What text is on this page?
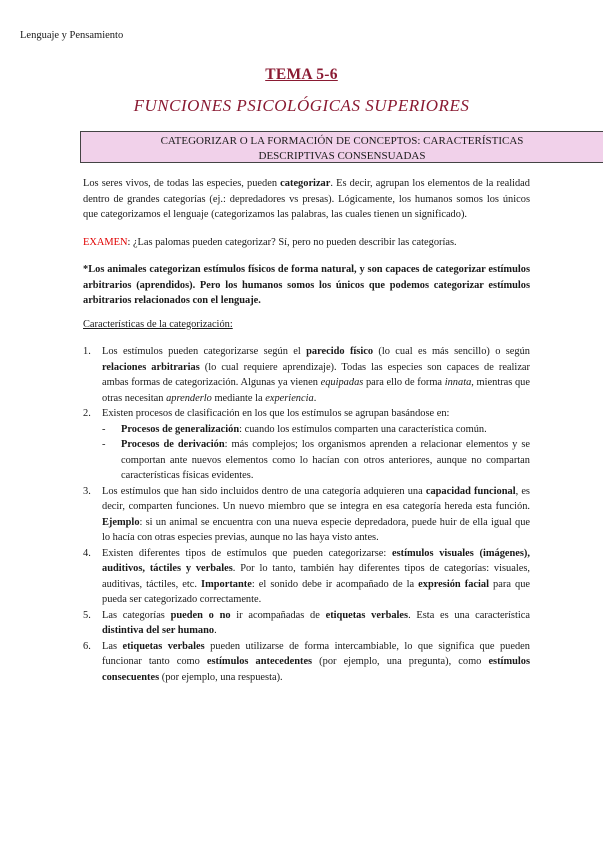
Lenguaje y Pensamiento
TEMA 5-6
FUNCIONES PSICOLÓGICAS SUPERIORES
CATEGORIZAR O LA FORMACIÓN DE CONCEPTOS: CARACTERÍSTICAS
DESCRIPTIVAS CONSENSUADAS

Los seres vivos, de todas las especies, pueden categorizar. Es decir, agrupan los elementos de la realidad dentro de grandes categorías (ej.: depredadores vs presas). Lógicamente, los humanos somos los únicos que categorizamos el lenguaje (categorizamos las palabras, las cuales tienen un significado).

EXAMEN: ¿Las palomas pueden categorizar? Sí, pero no pueden describir las categorías.

*Los animales categorizan estímulos físicos de forma natural, y son capaces de categorizar estímulos arbitrarios (aprendidos). Pero los humanos somos los únicos que podemos categorizar estímulos arbitrarios relacionados con el lenguaje.

Características de la categorización:

1. Los estímulos pueden categorizarse según el parecido físico (lo cual es más sencillo) o según relaciones arbitrarias (lo cual requiere aprendizaje). Todas las especies son capaces de realizar ambas formas de categorización. Algunas ya vienen equipadas para ello de forma innata, mientras que otras necesitan aprenderlo mediante la experiencia.
2. Existen procesos de clasificación en los que los estímulos se agrupan basándose en:
- Procesos de generalización: cuando los estímulos comparten una característica común.
- Procesos de derivación: más complejos; los organismos aprenden a relacionar elementos y se comportan ante nuevos elementos como lo hacían con otros anteriores, aunque no compartan características físicas evidentes.
3. Los estímulos que han sido incluidos dentro de una categoría adquieren una capacidad funcional, es decir, comparten funciones. Un nuevo miembro que se integra en esa categoría hereda esta función. Ejemplo: si un animal se encuentra con una nueva especie depredadora, puede huir de ella igual que lo hacía con otras especies previas, aunque no las haya visto antes.
4. Existen diferentes tipos de estímulos que pueden categorizarse: estímulos visuales (imágenes), auditivos, táctiles y verbales. Por lo tanto, también hay diferentes tipos de categorías: visuales, auditivas, táctiles, etc. Importante: el sonido debe ir acompañado de la expresión facial para que pueda ser categorizado correctamente.
5. Las categorías pueden o no ir acompañadas de etiquetas verbales. Esta es una característica distintiva del ser humano.
6. Las etiquetas verbales pueden utilizarse de forma intercambiable, lo que significa que pueden funcionar tanto como estímulos antecedentes (por ejemplo, una pregunta), como estímulos consecuentes (por ejemplo, una respuesta).
